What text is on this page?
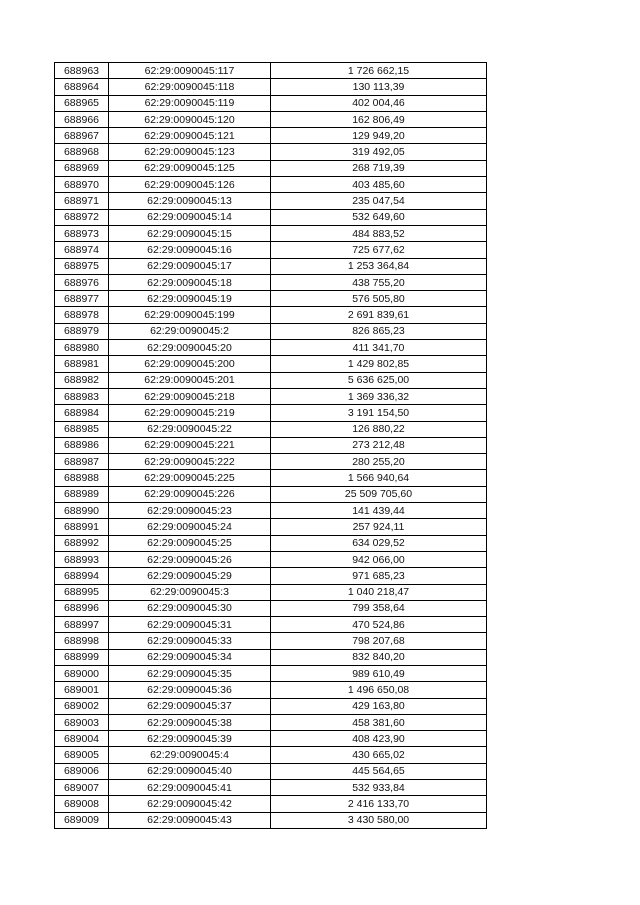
688963	62:29:0090045:117	1 726 662,15
688964	62:29:0090045:118	130 113,39
688965	62:29:0090045:119	402 004,46
688966	62:29:0090045:120	162 806,49
688967	62:29:0090045:121	129 949,20
688968	62:29:0090045:123	319 492,05
688969	62:29:0090045:125	268 719,39
688970	62:29:0090045:126	403 485,60
688971	62:29:0090045:13	235 047,54
688972	62:29:0090045:14	532 649,60
688973	62:29:0090045:15	484 883,52
688974	62:29:0090045:16	725 677,62
688975	62:29:0090045:17	1 253 364,84
688976	62:29:0090045:18	438 755,20
688977	62:29:0090045:19	576 505,80
688978	62:29:0090045:199	2 691 839,61
688979	62:29:0090045:2	826 865,23
688980	62:29:0090045:20	411 341,70
688981	62:29:0090045:200	1 429 802,85
688982	62:29:0090045:201	5 636 625,00
688983	62:29:0090045:218	1 369 336,32
688984	62:29:0090045:219	3 191 154,50
688985	62:29:0090045:22	126 880,22
688986	62:29:0090045:221	273 212,48
688987	62:29:0090045:222	280 255,20
688988	62:29:0090045:225	1 566 940,64
688989	62:29:0090045:226	25 509 705,60
688990	62:29:0090045:23	141 439,44
688991	62:29:0090045:24	257 924,11
688992	62:29:0090045:25	634 029,52
688993	62:29:0090045:26	942 066,00
688994	62:29:0090045:29	971 685,23
688995	62:29:0090045:3	1 040 218,47
688996	62:29:0090045:30	799 358,64
688997	62:29:0090045:31	470 524,86
688998	62:29:0090045:33	798 207,68
688999	62:29:0090045:34	832 840,20
689000	62:29:0090045:35	989 610,49
689001	62:29:0090045:36	1 496 650,08
689002	62:29:0090045:37	429 163,80
689003	62:29:0090045:38	458 381,60
689004	62:29:0090045:39	408 423,90
689005	62:29:0090045:4	430 665,02
689006	62:29:0090045:40	445 564,65
689007	62:29:0090045:41	532 933,84
689008	62:29:0090045:42	2 416 133,70
689009	62:29:0090045:43	3 430 580,00
